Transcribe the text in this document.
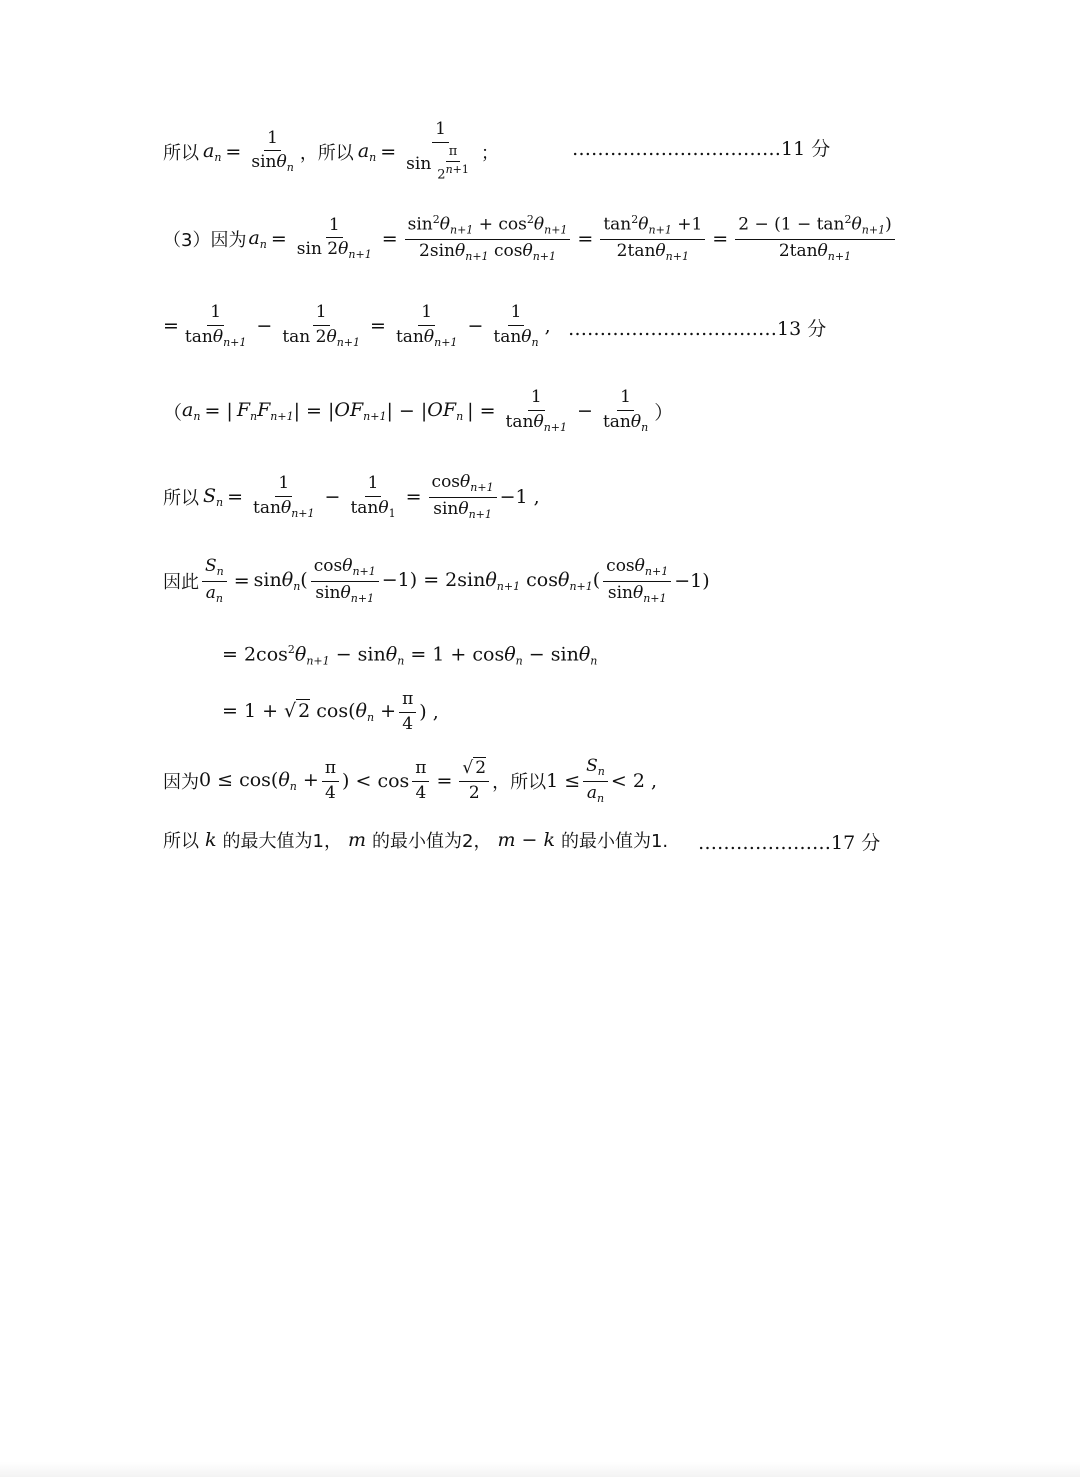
所以 $a_n = \frac{1}{\sin\theta_n}$ ，所以 $a_n = \frac{1}{\sin \frac{\pi}{2^{n+1}}}$ ；	……………………………11 分
（3）因为 $a_n = \frac{1}{\sin 2\theta_{n+1}} = \frac{\sin^2\theta_{n+1} + \cos^2\theta_{n+1}}{2\sin\theta_{n+1} \cos\theta_{n+1}} = \frac{\tan^2\theta_{n+1} +1}{2\tan\theta_{n+1}} = \frac{2 - (1 - \tan^2\theta_{n+1})}{2\tan\theta_{n+1}}$
= $\frac{1}{\tan\theta_{n+1}} - \frac{1}{\tan 2\theta_{n+1}} = \frac{1}{\tan\theta_{n+1}} - \frac{1}{\tan\theta_n}$ , ……………………………13 分
（ $a_n$ = | $F_nF_{n+1}$ | = | $OF_{n+1}$ | − | $OF_n$ | = $\frac{1}{\tan\theta_{n+1}} - \frac{1}{\tan\theta_n}$ ）
所以 $S_n = \frac{1}{\tan\theta_{n+1}} - \frac{1}{\tan\theta_1} = \frac{\cos\theta_{n+1}}{\sin\theta_{n+1}} -1$ ,
因此 $\frac{S_n}{a_n} = \sin\theta_n( \frac{\cos\theta_{n+1}}{\sin\theta_{n+1}} -1) = 2\sin\theta_{n+1}$ $\cos\theta_{n+1}( \frac{\cos\theta_{n+1}}{\sin\theta_{n+1}} -1)$
= $2\cos^2\theta_{n+1} - \sin\theta_n = 1 + \cos\theta_n - \sin\theta_n$
= 1 + √ 2 $\cos(\theta_n + \frac{\pi}{4}$ ) ,
因为 $0 \le \cos(\theta_n + \frac{\pi}{4}$ ) < $\cos \frac{\pi}{4} = \frac{√ 2}{2}$ ，所以 $1 \le \frac{S_n}{a_n} < 2$ ,
所以 k 的最大值为1， m 的最小值为2， m − k 的最小值为1. …………………17 分
